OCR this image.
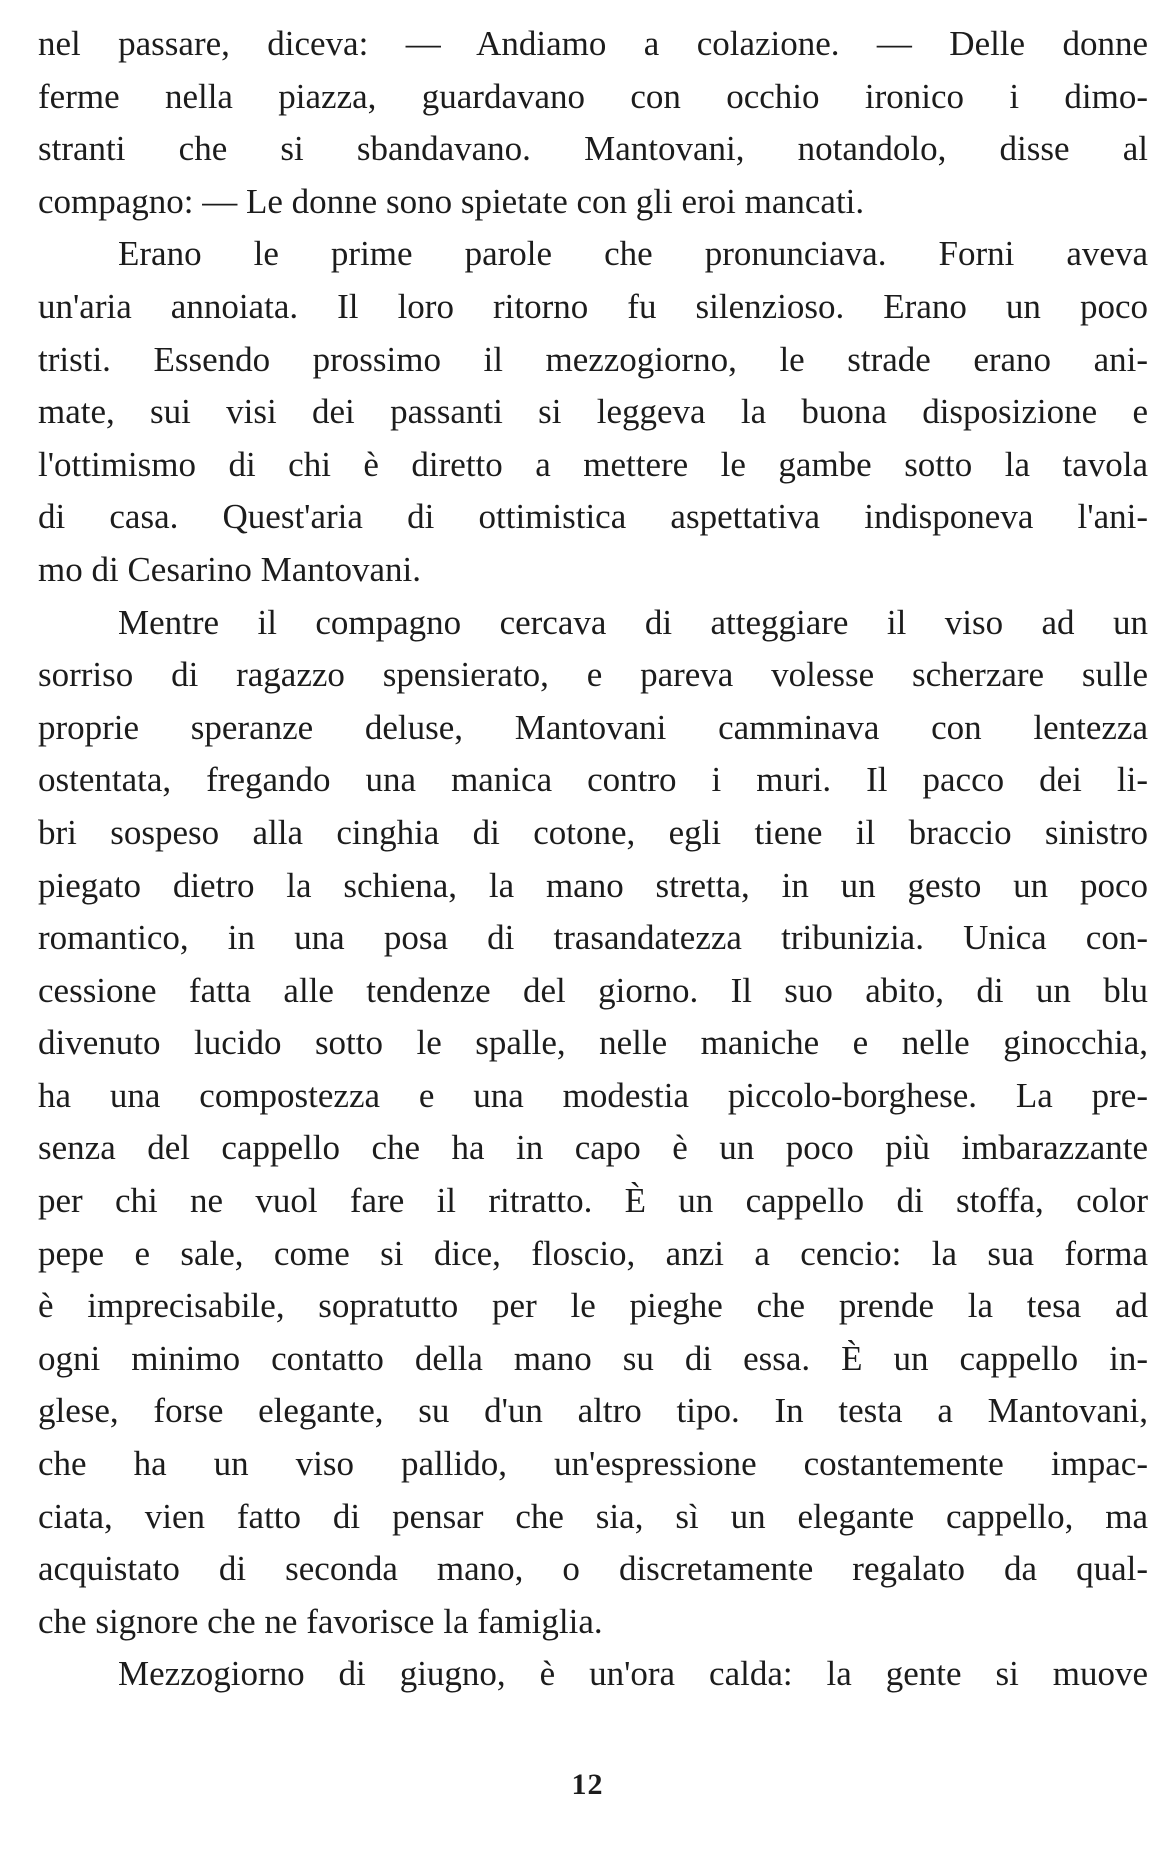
nel passare, diceva: — Andiamo a colazione. — Delle donne
ferme nella piazza, guardavano con occhio ironico i dimo-
stranti che si sbandavano. Mantovani, notandolo, disse al
compagno: — Le donne sono spietate con gli eroi mancati.
Erano le prime parole che pronunciava. Forni aveva
un'aria annoiata. Il loro ritorno fu silenzioso. Erano un poco
tristi. Essendo prossimo il mezzogiorno, le strade erano ani-
mate, sui visi dei passanti si leggeva la buona disposizione e
l'ottimismo di chi è diretto a mettere le gambe sotto la tavola
di casa. Quest'aria di ottimistica aspettativa indisponeva l'ani-
mo di Cesarino Mantovani.
Mentre il compagno cercava di atteggiare il viso ad un
sorriso di ragazzo spensierato, e pareva volesse scherzare sulle
proprie speranze deluse, Mantovani camminava con lentezza
ostentata, fregando una manica contro i muri. Il pacco dei li-
bri sospeso alla cinghia di cotone, egli tiene il braccio sinistro
piegato dietro la schiena, la mano stretta, in un gesto un poco
romantico, in una posa di trasandatezza tribunizia. Unica con-
cessione fatta alle tendenze del giorno. Il suo abito, di un blu
divenuto lucido sotto le spalle, nelle maniche e nelle ginocchia,
ha una compostezza e una modestia piccolo-borghese. La pre-
senza del cappello che ha in capo è un poco più imbarazzante
per chi ne vuol fare il ritratto. È un cappello di stoffa, color
pepe e sale, come si dice, floscio, anzi a cencio: la sua forma
è imprecisabile, sopratutto per le pieghe che prende la tesa ad
ogni minimo contatto della mano su di essa. È un cappello in-
glese, forse elegante, su d'un altro tipo. In testa a Mantovani,
che ha un viso pallido, un'espressione costantemente impac-
ciata, vien fatto di pensar che sia, sì un elegante cappello, ma
acquistato di seconda mano, o discretamente regalato da qual-
che signore che ne favorisce la famiglia.
Mezzogiorno di giugno, è un'ora calda: la gente si muove
12
